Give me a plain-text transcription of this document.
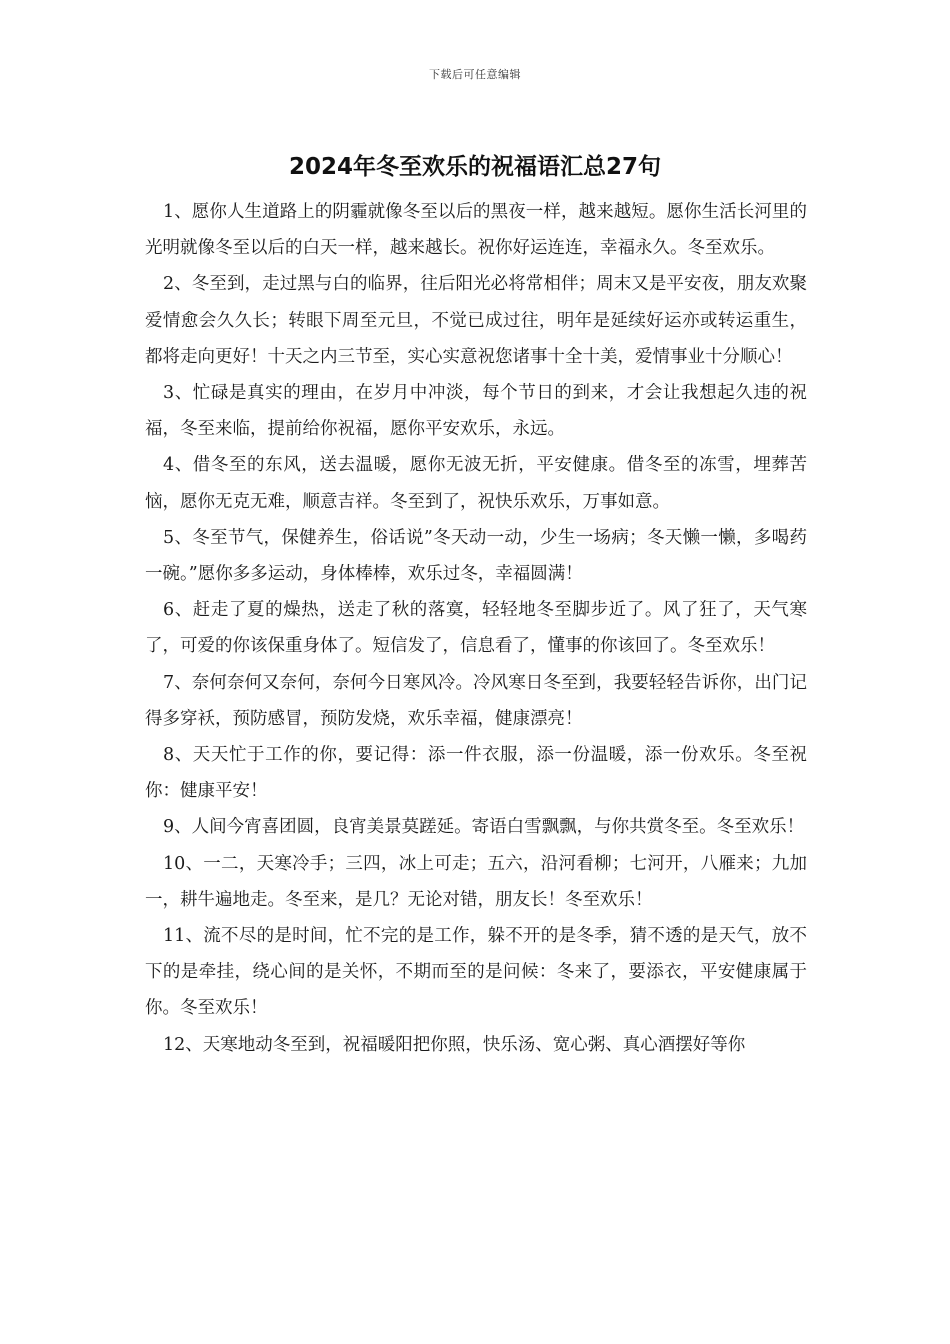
下载后可任意编辑
2024年冬至欢乐的祝福语汇总27句

1、愿你人生道路上的阴霾就像冬至以后的黑夜一样，越来越短。愿你生活长河里的光明就像冬至以后的白天一样，越来越长。祝你好运连连，幸福永久。冬至欢乐。

2、冬至到，走过黑与白的临界，往后阳光必将常相伴；周末又是平安夜，朋友欢聚爱情愈会久久长；转眼下周至元旦，不觉已成过往，明年是延续好运亦或转运重生，都将走向更好！十天之内三节至，实心实意祝您诸事十全十美，爱情事业十分顺心！

3、忙碌是真实的理由，在岁月中冲淡，每个节日的到来，才会让我想起久违的祝福，冬至来临，提前给你祝福，愿你平安欢乐，永远。

4、借冬至的东风，送去温暖，愿你无波无折，平安健康。借冬至的冻雪，埋葬苦恼，愿你无克无难，顺意吉祥。冬至到了，祝快乐欢乐，万事如意。

5、冬至节气，保健养生，俗话说”冬天动一动，少生一场病；冬天懒一懒，多喝药一碗。”愿你多多运动，身体棒棒，欢乐过冬，幸福圆满！

6、赶走了夏的燥热，送走了秋的落寞，轻轻地冬至脚步近了。风了狂了，天气寒了，可爱的你该保重身体了。短信发了，信息看了，懂事的你该回了。冬至欢乐！

7、奈何奈何又奈何，奈何今日寒风冷。冷风寒日冬至到，我要轻轻告诉你，出门记得多穿袄，预防感冒，预防发烧，欢乐幸福，健康漂亮！

8、天天忙于工作的你，要记得：添一件衣服，添一份温暖，添一份欢乐。冬至祝你：健康平安！

9、人间今宵喜团圆，良宵美景莫蹉延。寄语白雪飘飘，与你共赏冬至。冬至欢乐！

10、一二，天寒冷手；三四，冰上可走；五六，沿河看柳；七河开，八雁来；九加一，耕牛遍地走。冬至来，是几？无论对错，朋友长！冬至欢乐！

11、流不尽的是时间，忙不完的是工作，躲不开的是冬季，猜不透的是天气，放不下的是牵挂，绕心间的是关怀，不期而至的是问候：冬来了，要添衣，平安健康属于你。冬至欢乐！

12、天寒地动冬至到，祝福暖阳把你照，快乐汤、宽心粥、真心酒摆好等你
